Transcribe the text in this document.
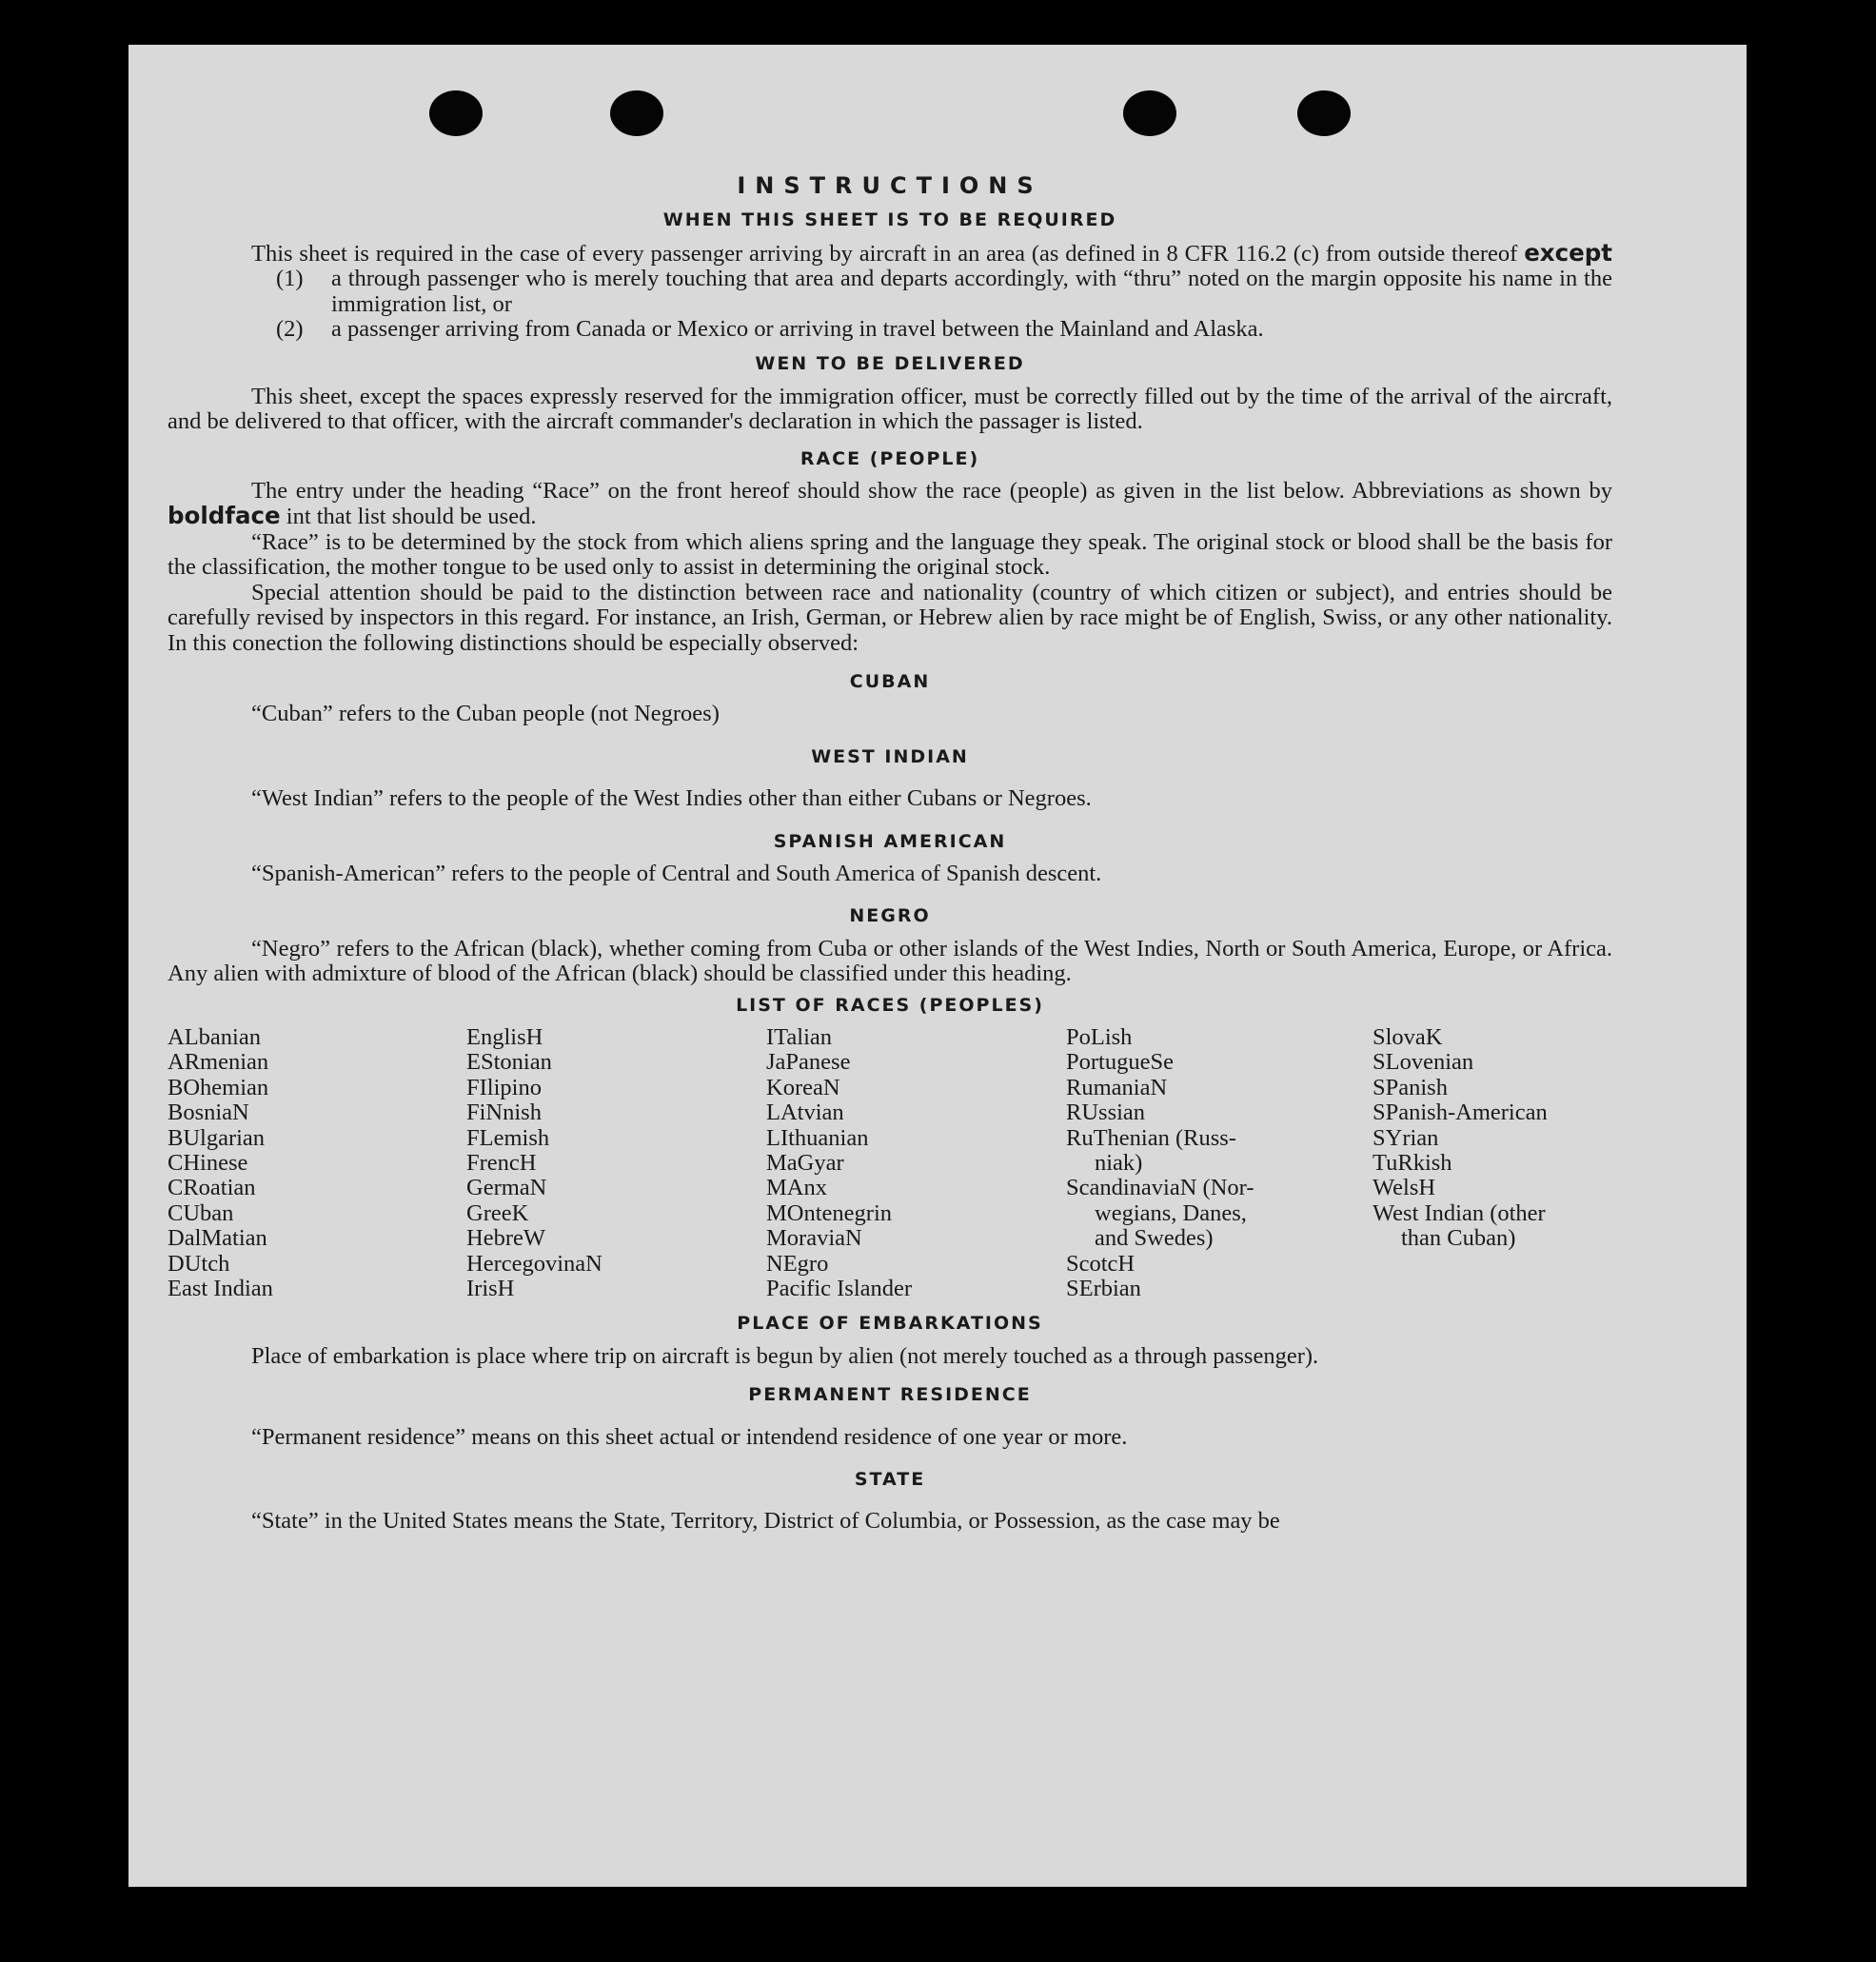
INSTRUCTIONS
WHEN THIS SHEET IS TO BE REQUIRED

This sheet is required in the case of every passenger arriving by aircraft in an area (as defined in 8 CFR 116.2 (c) from outside thereof except

(1)	a through passenger who is merely touching that area and departs accordingly, with “thru” noted on the margin opposite his name in the immigration list, or
(2)	a passenger arriving from Canada or Mexico or arriving in travel between the Mainland and Alaska.
WEN TO BE DELIVERED

This sheet, except the spaces expressly reserved for the immigration officer, must be correctly filled out by the time of the arrival of the aircraft, and be delivered to that officer, with the aircraft commander's declaration in which the passager is listed.

RACE (PEOPLE)

The entry under the heading “Race” on the front hereof should show the race (people) as given in the list below. Abbreviations as shown by boldface int that list should be used.

“Race” is to be determined by the stock from which aliens spring and the language they speak. The original stock or blood shall be the basis for the classification, the mother tongue to be used only to assist in determining the original stock.

Special attention should be paid to the distinction between race and nationality (country of which citizen or subject), and entries should be carefully revised by inspectors in this regard. For instance, an Irish, German, or Hebrew alien by race might be of English, Swiss, or any other nationality. In this conection the following distinctions should be especially observed:

CUBAN

“Cuban” refers to the Cuban people (not Negroes)

WEST INDIAN

“West Indian” refers to the people of the West Indies other than either Cubans or Negroes.

SPANISH AMERICAN

“Spanish-American” refers to the people of Central and South America of Spanish descent.

NEGRO

“Negro” refers to the African (black), whether coming from Cuba or other islands of the West Indies, North or South America, Europe, or Africa. Any alien with admixture of blood of the African (black) should be classified under this heading.

LIST OF RACES (PEOPLES)
ALbanian
ARmenian
BOhemian
BosniaN
BUlgarian
CHinese
CRoatian
CUban
DalMatian
DUtch
East Indian
EnglisH
EStonian
FIlipino
FiNnish
FLemish
FrencH
GermaN
GreeK
HebreW
HercegovinaN
IrisH
ITalian
JaPanese
KoreaN
LAtvian
LIthuanian
MaGyar
MAnx
MOntenegrin
MoraviaN
NEgro
Pacific Islander
PoLish
PortugueSe
RumaniaN
RUssian
RuThenian (Russ-
niak)
ScandinaviaN (Nor-
wegians, Danes,
and Swedes)
ScotcH
SErbian
SlovaK
SLovenian
SPanish
SPanish-American
SYrian
TuRkish
WelsH
West Indian (other
than Cuban)
PLACE OF EMBARKATIONS

Place of embarkation is place where trip on aircraft is begun by alien (not merely touched as a through passenger).

PERMANENT RESIDENCE

“Permanent residence” means on this sheet actual or intendend residence of one year or more.

STATE

“State” in the United States means the State, Territory, District of Columbia, or Possession, as the case may be
